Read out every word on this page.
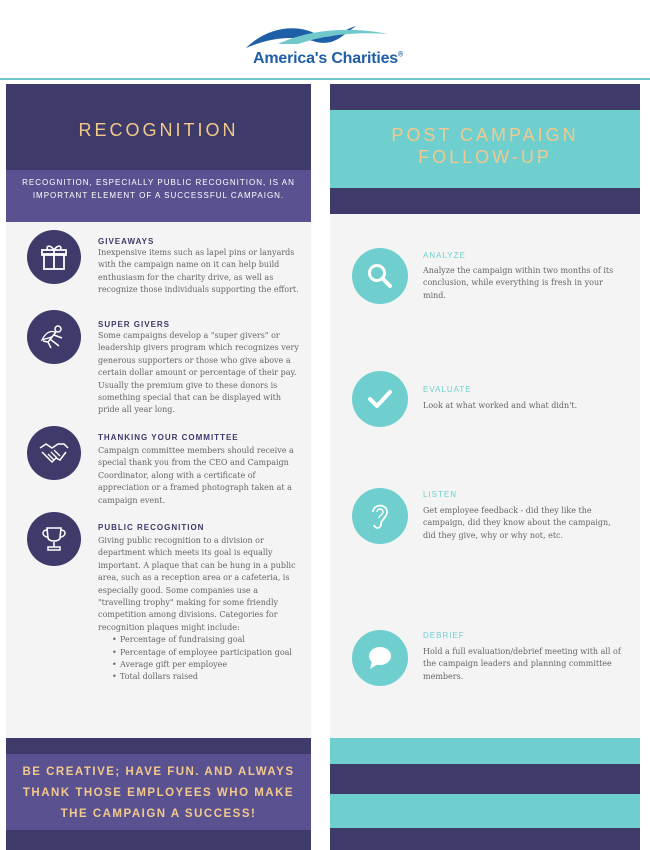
America's Charities®
RECOGNITION
RECOGNITION, ESPECIALLY PUBLIC RECOGNITION, IS AN IMPORTANT ELEMENT OF A SUCCESSFUL CAMPAIGN.
GIVEAWAYS
Inexpensive items such as lapel pins or lanyards with the campaign name on it can help build enthusiasm for the charity drive, as well as recognize those individuals supporting the effort.
SUPER GIVERS
Some campaigns develop a "super givers" or leadership givers program which recognizes very generous supporters or those who give above a certain dollar amount or percentage of their pay. Usually the premium give to these donors is something special that can be displayed with pride all year long.
THANKING YOUR COMMITTEE
Campaign committee members should receive a special thank you from the CEO and Campaign Coordinator, along with a certificate of appreciation or a framed photograph taken at a campaign event.
PUBLIC RECOGNITION
Giving public recognition to a division or department which meets its goal is equally important. A plaque that can be hung in a public area, such as a reception area or a cafeteria, is especially good. Some companies use a "travelling trophy" making for some friendly competition among divisions. Categories for recognition plaques might include:
• Percentage of fundraising goal
• Percentage of employee participation goal
• Average gift per employee
• Total dollars raised
BE CREATIVE; HAVE FUN. AND ALWAYS THANK THOSE EMPLOYEES WHO MAKE THE CAMPAIGN A SUCCESS!
POST CAMPAIGN
FOLLOW-UP
ANALYZE
Analyze the campaign within two months of its conclusion, while everything is fresh in your mind.
EVALUATE
Look at what worked and what didn't.
LISTEN
Get employee feedback - did they like the campaign, did they know about the campaign, did they give, why or why not, etc.
DEBRIEF
Hold a full evaluation/debrief meeting with all of the campaign leaders and planning committee members.
